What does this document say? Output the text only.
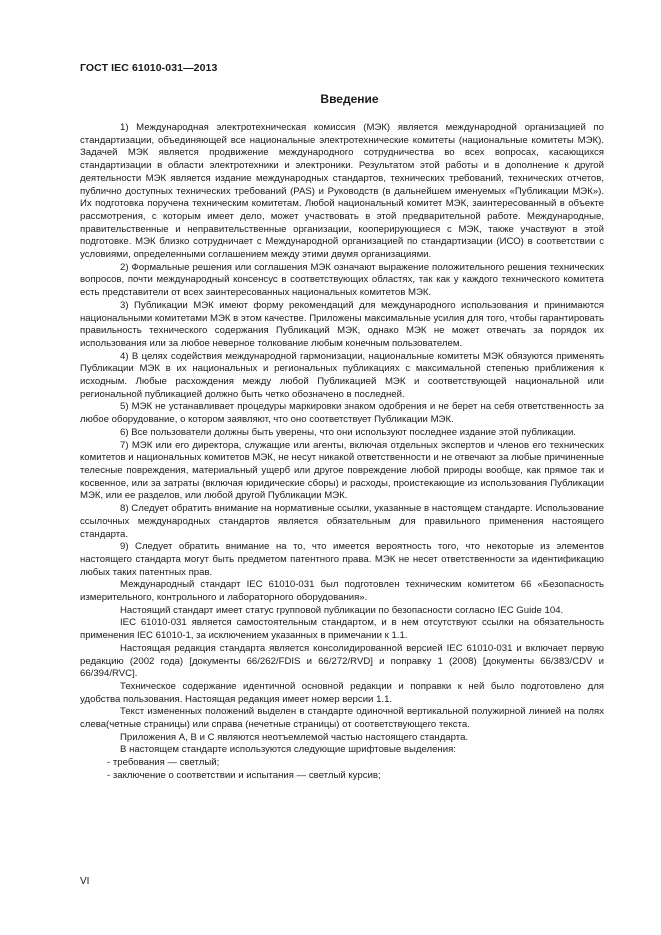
ГОСТ IEC 61010-031—2013
Введение

1) Международная электротехническая комиссия (МЭК) является международной организацией по стандартизации, объединяющей все национальные электротехнические комитеты (национальные комитеты МЭК). Задачей МЭК является продвижение международного сотрудничества во всех вопросах, касающихся стандартизации в области электротехники и электроники. Результатом этой работы и в дополнение к другой деятельности МЭК является издание международных стандартов, технических требований, технических отчетов, публично доступных технических требований (PAS) и Руководств (в дальнейшем именуемых «Публикации МЭК»). Их подготовка поручена техническим комитетам. Любой национальный комитет МЭК, заинтересованный в объекте рассмотрения, с которым имеет дело, может участвовать в этой предварительной работе. Международные, правительственные и неправительственные организации, кооперирующиеся с МЭК, также участвуют в этой подготовке. МЭК близко сотрудничает с Международной организацией по стандартизации (ИСО) в соответствии с условиями, определенными соглашением между этими двумя организациями.

2) Формальные решения или соглашения МЭК означают выражение положительного решения технических вопросов, почти международный консенсус в соответствующих областях, так как у каждого технического комитета есть представители от всех заинтересованных национальных комитетов МЭК.

3) Публикации МЭК имеют форму рекомендаций для международного использования и принимаются национальными комитетами МЭК в этом качестве. Приложены максимальные усилия для того, чтобы гарантировать правильность технического содержания Публикаций МЭК, однако МЭК не может отвечать за порядок их использования или за любое неверное толкование любым конечным пользователем.

4) В целях содействия международной гармонизации, национальные комитеты МЭК обязуются применять Публикации МЭК в их национальных и региональных публикациях с максимальной степенью приближения к исходным. Любые расхождения между любой Публикацией МЭК и соответствующей национальной или региональной публикацией должно быть четко обозначено в последней.

5) МЭК не устанавливает процедуры маркировки знаком одобрения и не берет на себя ответственность за любое оборудование, о котором заявляют, что оно соответствует Публикации МЭК.

6) Все пользователи должны быть уверены, что они используют последнее издание этой публикации.

7) МЭК или его директора, служащие или агенты, включая отдельных экспертов и членов его технических комитетов и национальных комитетов МЭК, не несут никакой ответственности и не отвечают за любые причиненные телесные повреждения, материальный ущерб или другое повреждение любой природы вообще, как прямое так и косвенное, или за затраты (включая юридические сборы) и расходы, проистекающие из использования Публикации МЭК, или ее разделов, или любой другой Публикации МЭК.

8) Следует обратить внимание на нормативные ссылки, указанные в настоящем стандарте. Использование ссылочных международных стандартов является обязательным для правильного применения настоящего стандарта.

9) Следует обратить внимание на то, что имеется вероятность того, что некоторые из элементов настоящего стандарта могут быть предметом патентного права. МЭК не несет ответственности за идентификацию любых таких патентных прав.

Международный стандарт IEC 61010-031 был подготовлен техническим комитетом 66 «Безопасность измерительного, контрольного и лабораторного оборудования».

Настоящий стандарт имеет статус групповой публикации по безопасности согласно IEC Guide 104.

IEC 61010-031 является самостоятельным стандартом, и в нем отсутствуют ссылки на обязательность применения IEC 61010-1, за исключением указанных в примечании к 1.1.

Настоящая редакция стандарта является консолидированной версией IEC 61010-031 и включает первую редакцию (2002 года) [документы 66/262/FDIS и 66/272/RVD] и поправку 1 (2008) [документы 66/383/CDV и 66/394/RVC].

Техническое содержание идентичной основной редакции и поправки к ней было подготовлено для удобства пользования. Настоящая редакция имеет номер версии 1.1.

Текст измененных положений выделен в стандарте одиночной вертикальной полужирной линией на полях слева(четные страницы) или справа (нечетные страницы) от соответствующего текста.

Приложения А, В и С являются неотъемлемой частью настоящего стандарта.

В настоящем стандарте используются следующие шрифтовые выделения:

- требования — светлый;

- заключение о соответствии и испытания — светлый курсив;

VI
